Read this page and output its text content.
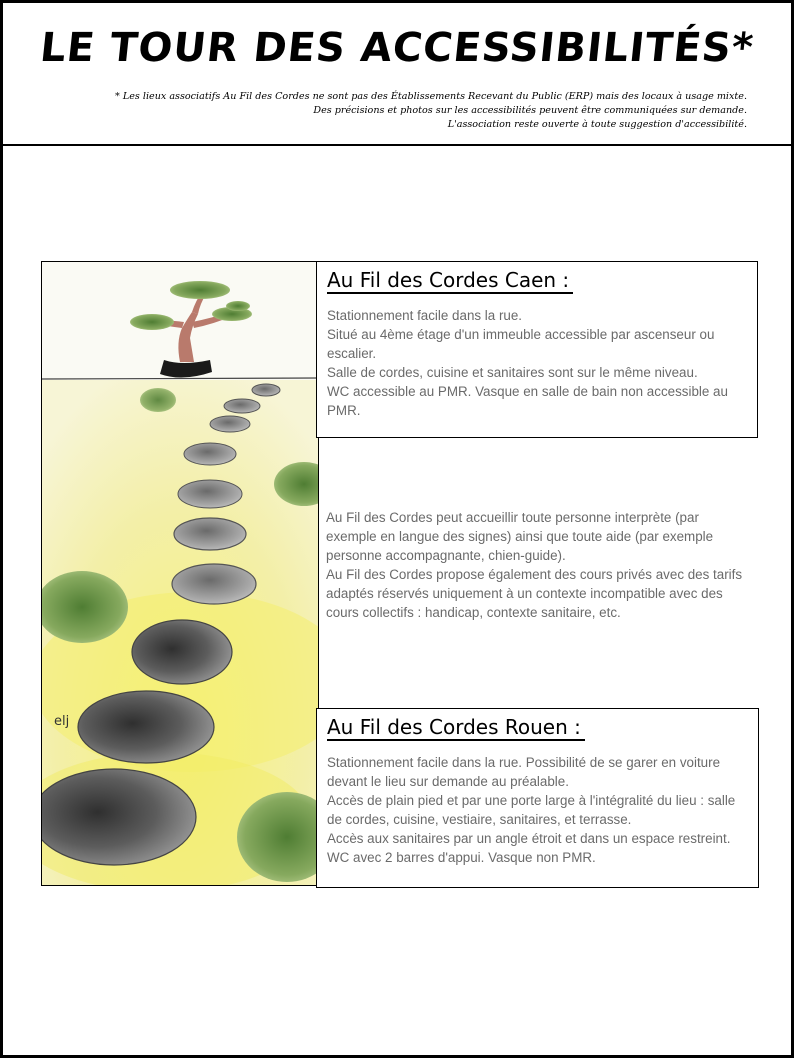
LE TOUR DES ACCESSIBILITÉS*
* Les lieux associatifs Au Fil des Cordes ne sont pas des Établissements Recevant du Public (ERP) mais des locaux à usage mixte.
Des précisions et photos sur les accessibilités peuvent être communiquées sur demande.
L'association reste ouverte à toute suggestion d'accessibilité.
elj
Au Fil des Cordes Caen :

Stationnement facile dans la rue.

Situé au 4ème étage d'un immeuble accessible par ascenseur ou escalier.

Salle de cordes, cuisine et sanitaires sont sur le même niveau.

WC accessible au PMR. Vasque en salle de bain non accessible au PMR.

Au Fil des Cordes peut accueillir toute personne interprète (par exemple en langue des signes) ainsi que toute aide (par exemple personne accompagnante, chien-guide).

Au Fil des Cordes propose également des cours privés avec des tarifs adaptés réservés uniquement à un contexte incompatible avec des cours collectifs : handicap, contexte sanitaire, etc.

Au Fil des Cordes Rouen :

Stationnement facile dans la rue. Possibilité de se garer en voiture devant le lieu sur demande au préalable.

Accès de plain pied et par une porte large à l'intégralité du lieu : salle de cordes, cuisine, vestiaire, sanitaires, et terrasse.

Accès aux sanitaires par un angle étroit et dans un espace restreint. WC avec 2 barres d'appui. Vasque non PMR.
